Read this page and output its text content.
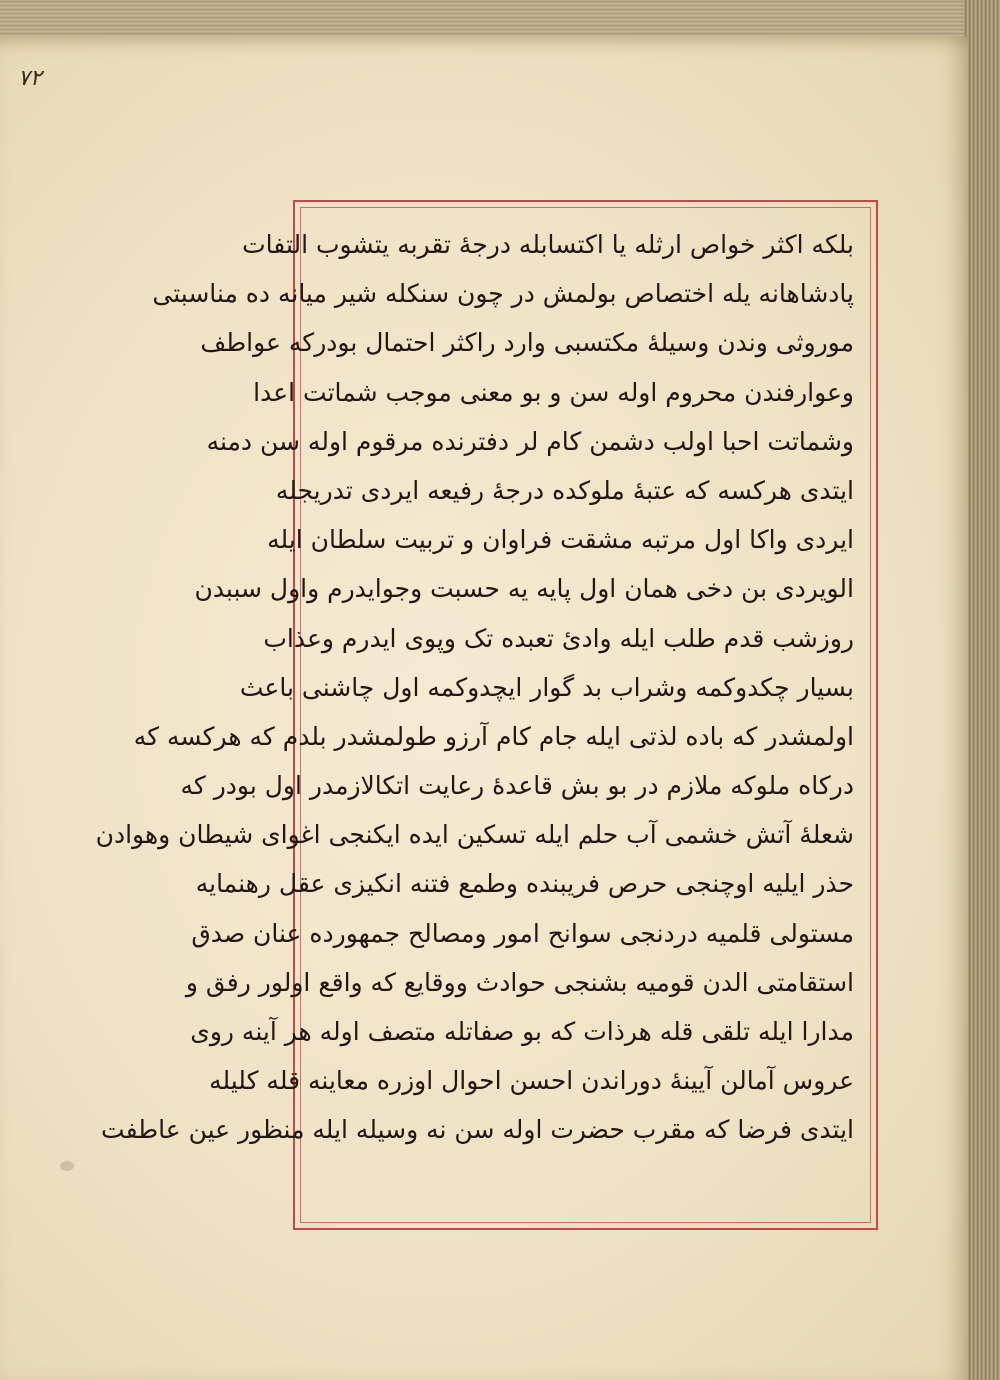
۷۲
بلکه اکثر خواص ارثله یا اکتسابله درجهٔ تقربه یتشوب التفات
پادشاهانه یله اختصاص بولمش در چون سنکله شیر میانه ده مناسبتی
موروثی وندن وسیلهٔ مکتسبی وارد راکثر احتمال بودرکه عواطف
وعوارفندن محروم اوله سن و بو معنی موجب شماتت اعدا
وشماتت احبا اولب دشمن کام لر دفترنده مرقوم اوله سن دمنه
ایتدی هرکسه که عتبهٔ ملوکده درجهٔ رفیعه ایردی تدریجله
ایردی واکا اول مرتبه مشقت فراوان و تربیت سلطان ایله
الویردی بن دخی همان اول پایه یه حسبت وجوایدرم واول سببدن
روزشب قدم طلب ایله وادیٔ تعبده تک وپوی ایدرم وعذاب
بسیار چکدوکمه وشراب بد گوار ایچدوکمه اول چاشنی باعث
اولمشدر که باده لذتی ایله جام کام آرزو طولمشدر بلدم که هرکسه که
درکاه ملوکه ملازم در بو بش قاعدهٔ رعایت اتکالازمدر اول بودر که
شعلهٔ آتش خشمی آب حلم ایله تسکین ایده ایکنجی اغوای شیطان وهوادن
حذر ایلیه اوچنجی حرص فریبنده وطمع فتنه انکیزی عقل رهنمایه
مستولی قلمیه دردنجی سوانح امور ومصالح جمهورده عنان صدق
استقامتی الدن قومیه بشنجی حوادث ووقایع که واقع اولور رفق و
مدارا ایله تلقی قله هرذات که بو صفاتله متصف اوله هر آینه روی
عروس آمالن آیینهٔ دوراندن احسن احوال اوزره معاینه قله کلیله
ایتدی فرضا که مقرب حضرت اوله سن نه وسیله ایله منظور عین عاطفت
